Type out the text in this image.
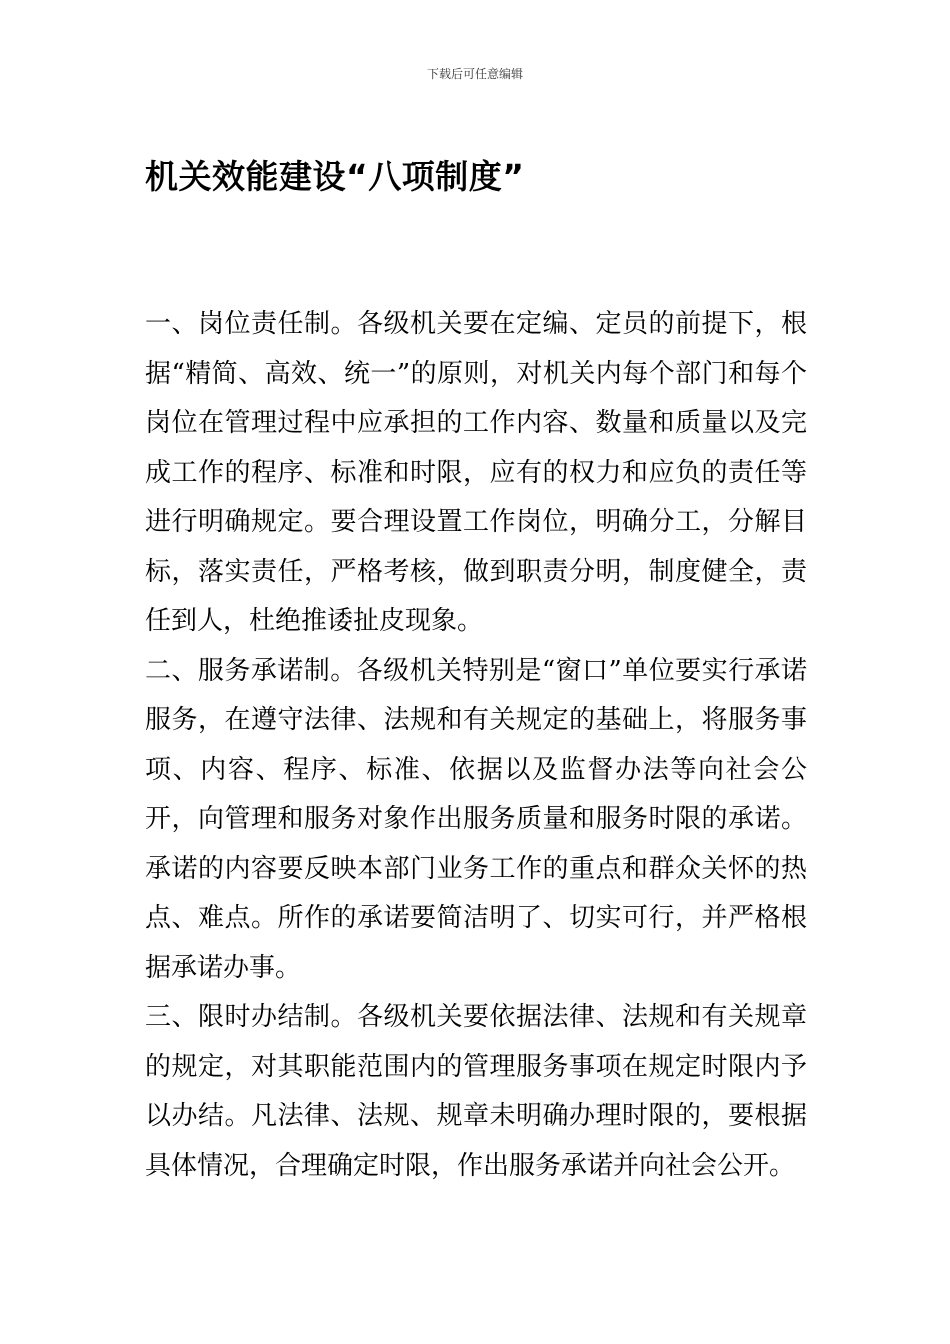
下载后可任意编辑
机关效能建设“八项制度”

一、岗位责任制。各级机关要在定编、定员的前提下，根据“精简、高效、统一”的原则，对机关内每个部门和每个岗位在管理过程中应承担的工作内容、数量和质量以及完成工作的程序、标准和时限，应有的权力和应负的责任等进行明确规定。要合理设置工作岗位，明确分工，分解目标，落实责任，严格考核，做到职责分明，制度健全，责任到人，杜绝推诿扯皮现象。

二、服务承诺制。各级机关特别是“窗口”单位要实行承诺服务，在遵守法律、法规和有关规定的基础上，将服务事项、内容、程序、标准、依据以及监督办法等向社会公开，向管理和服务对象作出服务质量和服务时限的承诺。承诺的内容要反映本部门业务工作的重点和群众关怀的热点、难点。所作的承诺要简洁明了、切实可行，并严格根据承诺办事。

三、限时办结制。各级机关要依据法律、法规和有关规章的规定，对其职能范围内的管理服务事项在规定时限内予以办结。凡法律、法规、规章未明确办理时限的，要根据具体情况，合理确定时限，作出服务承诺并向社会公开。
